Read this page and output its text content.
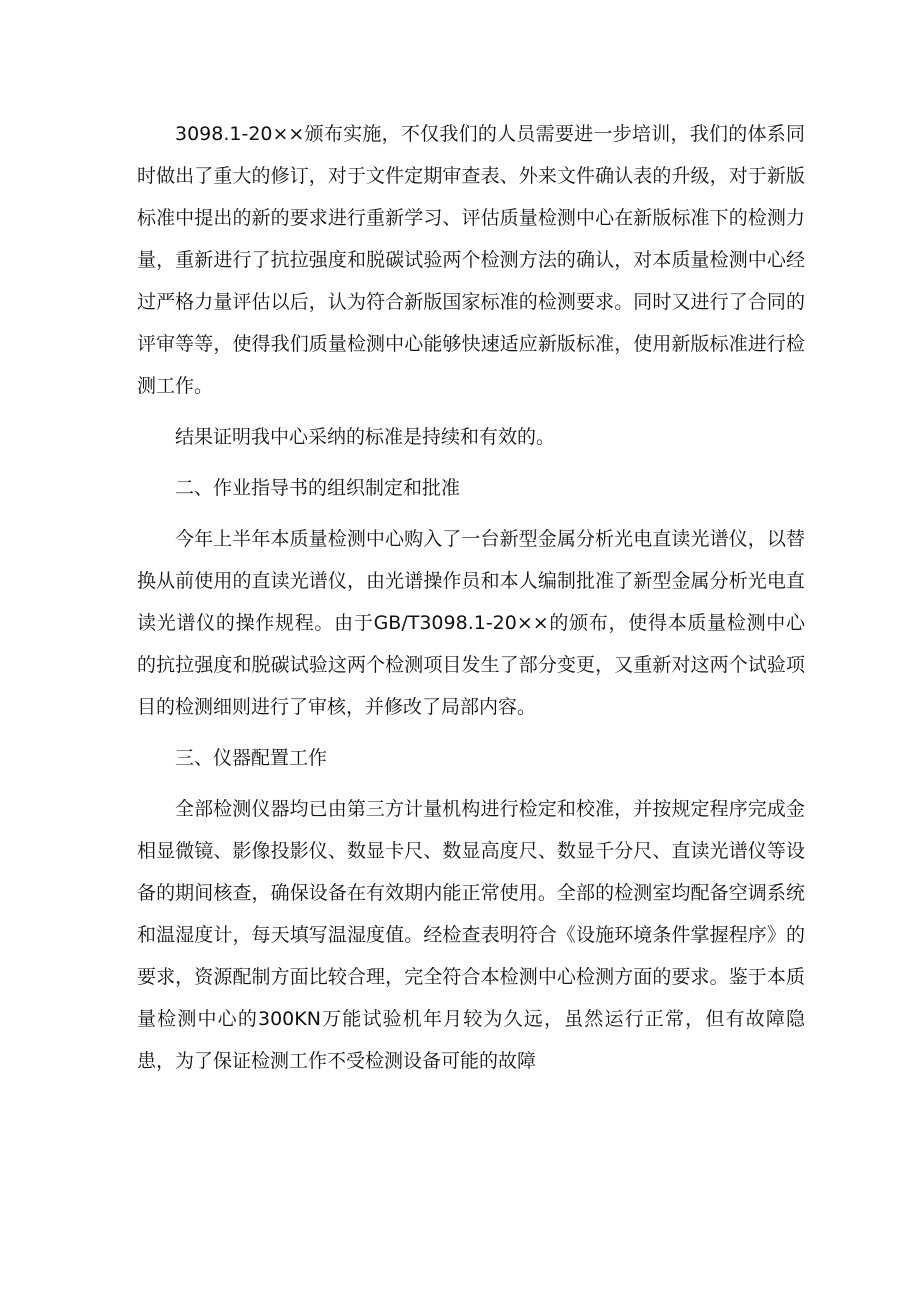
3098.1-20××颁布实施，不仅我们的人员需要进一步培训，我们的体系同时做出了重大的修订，对于文件定期审查表、外来文件确认表的升级，对于新版标准中提出的新的要求进行重新学习、评估质量检测中心在新版标准下的检测力量，重新进行了抗拉强度和脱碳试验两个检测方法的确认，对本质量检测中心经过严格力量评估以后，认为符合新版国家标准的检测要求。同时又进行了合同的评审等等，使得我们质量检测中心能够快速适应新版标准，使用新版标准进行检测工作。

结果证明我中心采纳的标准是持续和有效的。

二、作业指导书的组织制定和批准

今年上半年本质量检测中心购入了一台新型金属分析光电直读光谱仪，以替换从前使用的直读光谱仪，由光谱操作员和本人编制批准了新型金属分析光电直读光谱仪的操作规程。由于GB/T3098.1-20××的颁布，使得本质量检测中心的抗拉强度和脱碳试验这两个检测项目发生了部分变更，又重新对这两个试验项目的检测细则进行了审核，并修改了局部内容。

三、仪器配置工作

全部检测仪器均已由第三方计量机构进行检定和校准，并按规定程序完成金相显微镜、影像投影仪、数显卡尺、数显高度尺、数显千分尺、直读光谱仪等设备的期间核查，确保设备在有效期内能正常使用。全部的检测室均配备空调系统和温湿度计，每天填写温湿度值。经检查表明符合《设施环境条件掌握程序》的要求，资源配制方面比较合理，完全符合本检测中心检测方面的要求。鉴于本质量检测中心的300KN万能试验机年月较为久远，虽然运行正常，但有故障隐患，为了保证检测工作不受检测设备可能的故障
